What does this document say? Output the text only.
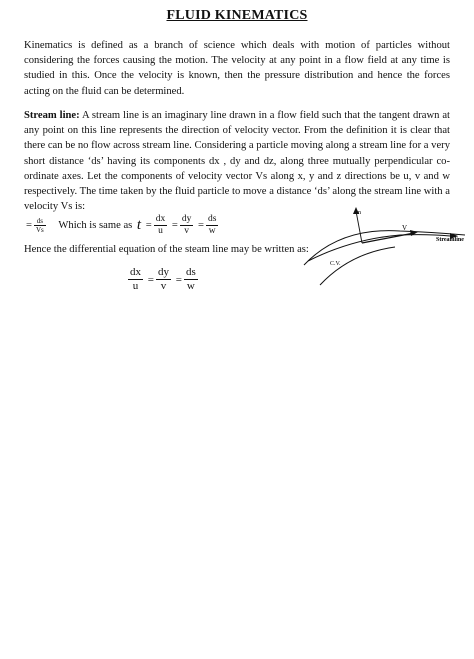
FLUID KINEMATICS

Kinematics is defined as a branch of science which deals with motion of particles without considering the forces causing the motion. The velocity at any point in a flow field at any time is studied in this. Once the velocity is known, then the pressure distribution and hence the forces acting on the fluid can be determined.

Stream line: A stream line is an imaginary line drawn in a flow field such that the tangent drawn at any point on this line represents the direction of velocity vector. From the definition it is clear that there can be no flow across stream line. Considering a particle moving along a stream line for a very short distance ‘ds’ having its components dx , dy and dz, along three mutually perpendicular co-ordinate axes. Let the components of velocity vector Vs along x, y and z directions be u, v and w respectively. The time taken by the fluid particle to move a distance ‘ds’ along the stream line with a velocity Vs is:

= $\frac{ds}{Vs}$ Which is same as $t = \frac{dx}{u} = \frac{dy}{v} = \frac{ds}{w}$

Hence the differential equation of the steam line may be written as:

$\frac{dx}{u} = \frac{dy}{v} = \frac{ds}{w}$
n
V
Streamline
C.V.
